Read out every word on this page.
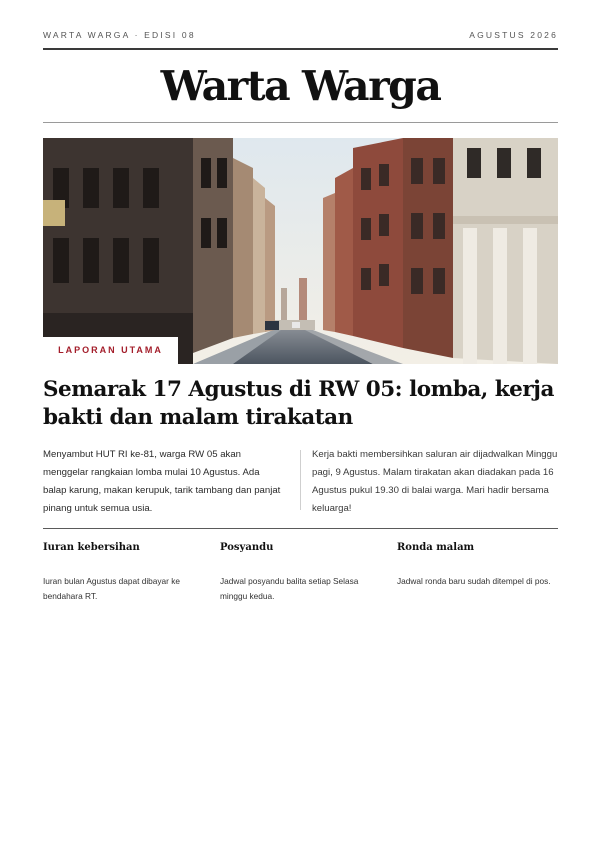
WARTA WARGA · EDISI 08	AGUSTUS 2026
Warta Warga
LAPORAN UTAMA
Semarak 17 Agustus di RW 05: lomba, kerja bakti dan malam tirakatan
Menyambut HUT RI ke-81, warga RW 05 akan menggelar rangkaian lomba mulai 10 Agustus. Ada balap karung, makan kerupuk, tarik tambang dan panjat pinang untuk semua usia.
Kerja bakti membersihkan saluran air dijadwalkan Minggu pagi, 9 Agustus. Malam tirakatan akan diadakan pada 16 Agustus pukul 19.30 di balai warga. Mari hadir bersama keluarga!
Iuran kebersihan

Iuran bulan Agustus dapat dibayar ke bendahara RT.

Posyandu

Jadwal posyandu balita setiap Selasa minggu kedua.

Ronda malam

Jadwal ronda baru sudah ditempel di pos.
